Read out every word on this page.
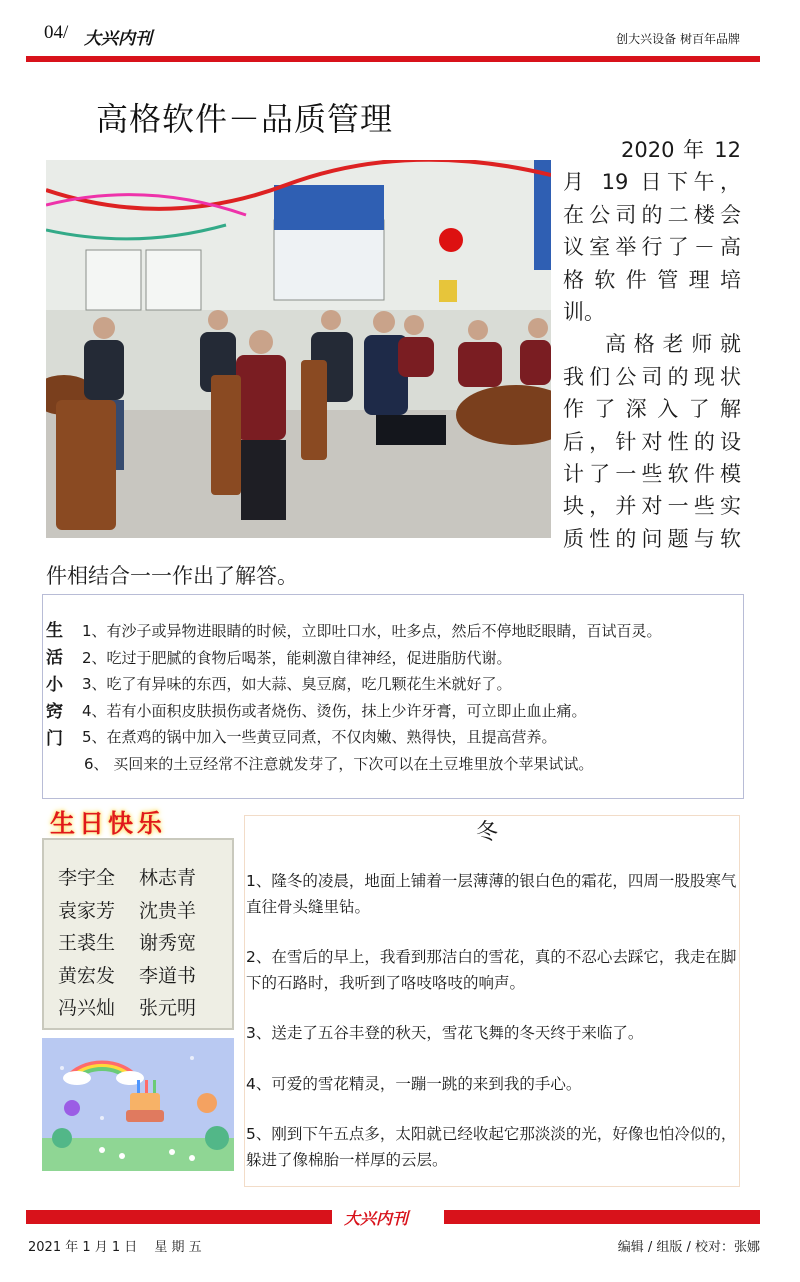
04/ 大兴内刊	创大兴设备 树百年品牌
高格软件－品质管理

2020 年 12

月 19 日下午，

在公司的二楼会

议室举行了－高

格软件管理培

训。

高格老师就

我们公司的现状

作了深入了解

后，针对性的设

计了一些软件模

块，并对一些实

质性的问题与软

件相结合一一作出了解答。
生
活
小
窍
门

1、有沙子或异物进眼睛的时候，立即吐口水，吐多点，然后不停地眨眼睛，百试百灵。

2、吃过于肥腻的食物后喝茶，能刺激自律神经，促进脂肪代谢。

3、吃了有异味的东西，如大蒜、臭豆腐，吃几颗花生米就好了。

4、若有小面积皮肤损伤或者烧伤、烫伤，抹上少许牙膏，可立即止血止痛。

5、在煮鸡的锅中加入一些黄豆同煮，不仅肉嫩、熟得快，且提高营养。

6、 买回来的土豆经常不注意就发芽了，下次可以在土豆堆里放个苹果试试。

生日快乐
李宇全 林志青
袁家芳 沈贵羊
王裘生 谢秀宽
黄宏发 李道书
冯兴灿 张元明
冬

1、隆冬的凌晨，地面上铺着一层薄薄的银白色的霜花，四周一股股寒气直往骨头缝里钻。

2、在雪后的早上，我看到那洁白的雪花，真的不忍心去踩它，我走在脚下的石路时，我听到了咯吱咯吱的响声。

3、送走了五谷丰登的秋天，雪花飞舞的冬天终于来临了。

4、可爱的雪花精灵，一蹦一跳的来到我的手心。

5、刚到下午五点多，太阳就已经收起它那淡淡的光，好像也怕冷似的，躲进了像棉胎一样厚的云层。

大兴内刊
2021 年 1 月 1 日　 星 期 五	编辑 / 组版 / 校对：张娜
